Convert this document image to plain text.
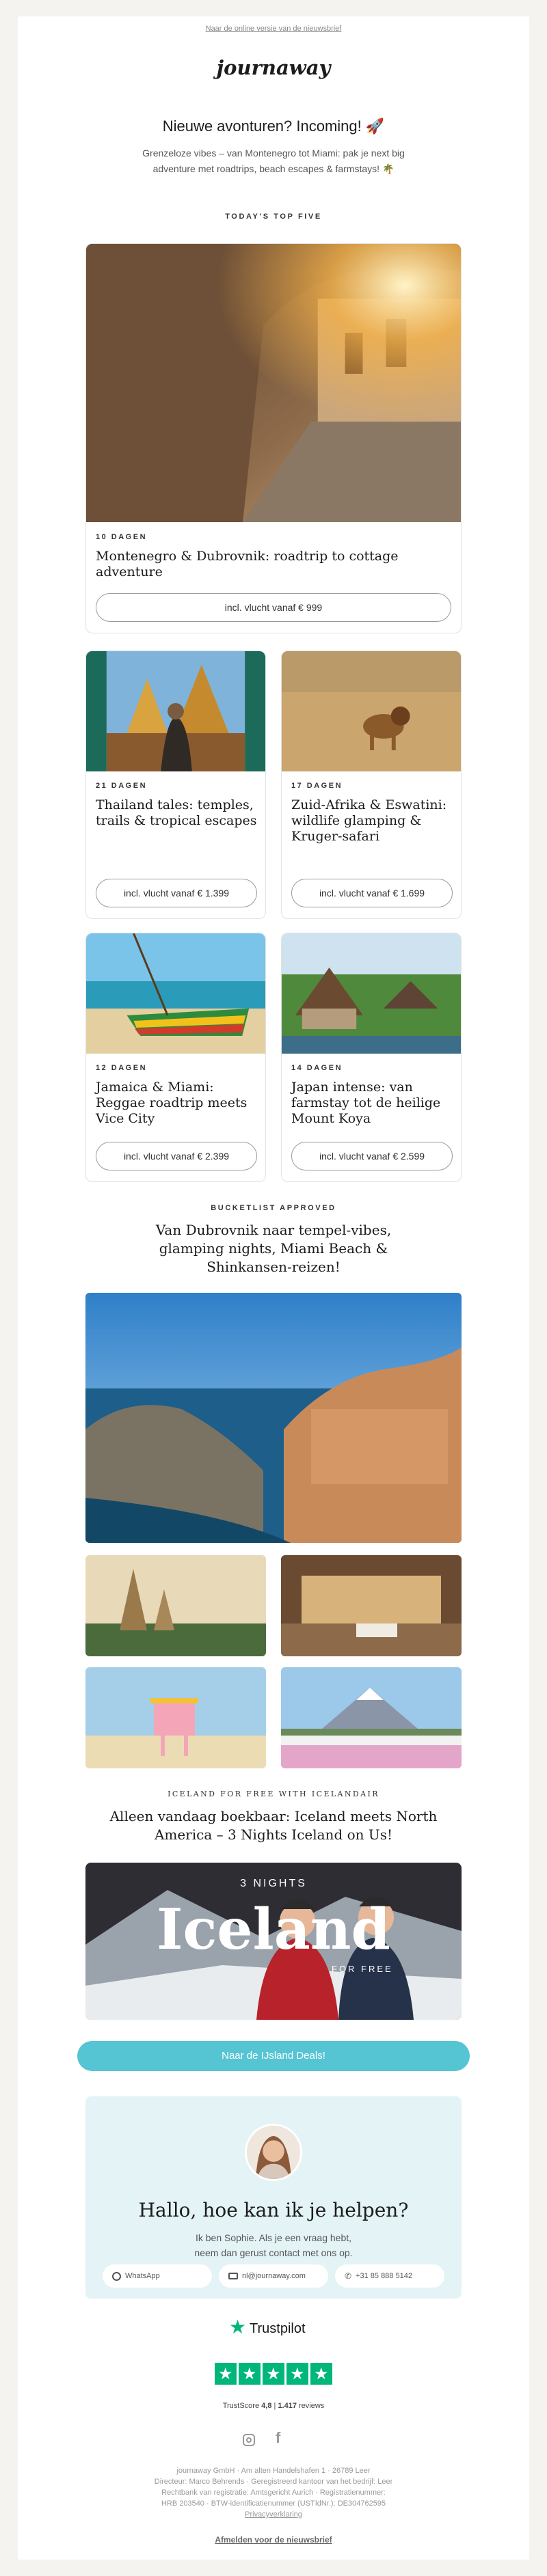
Naar de online versie van de nieuwsbrief
journaway
Nieuwe avonturen? Incoming! 🚀
Grenzeloze vibes – van Montenegro tot Miami: pak je next big adventure met roadtrips, beach escapes & farmstays! 🌴
TODAY'S TOP FIVE
10 DAGEN
Montenegro & Dubrovnik: roadtrip to cottage adventure
incl. vlucht vanaf € 999
21 DAGEN
Thailand tales: temples, trails & tropical escapes
incl. vlucht vanaf € 1.399
17 DAGEN
Zuid-Afrika & Eswatini: wildlife glamping & Kruger-safari
incl. vlucht vanaf € 1.699
12 DAGEN
Jamaica & Miami: Reggae roadtrip meets Vice City
incl. vlucht vanaf € 2.399
14 DAGEN
Japan intense: van farmstay tot de heilige Mount Koya
incl. vlucht vanaf € 2.599
BUCKETLIST APPROVED
Van Dubrovnik naar tempel-vibes, glamping nights, Miami Beach & Shinkansen-reizen!
ICELAND FOR FREE WITH ICELANDAIR
Alleen vandaag boekbaar: Iceland meets North America – 3 Nights Iceland on Us!
3 NIGHTS
Iceland
FOR FREE
Naar de IJsland Deals!
Hallo, hoe kan ik je helpen?
Ik ben Sophie. Als je een vraag hebt, neem dan gerust contact met ons op.
WhatsApp	nl@journaway.com	✆ +31 85 888 5142
★ Trustpilot
★ ★ ★ ★ ★
TrustScore 4,8 | 1.417 reviews
f
journaway GmbH · Am alten Handelshafen 1 · 26789 Leer
Directeur: Marco Behrends · Geregistreerd kantoor van het bedrijf: Leer
Rechtbank van registratie: Amtsgericht Aurich · Registratienummer: HRB 203540 · BTW-identificatienummer (USTIdNr.): DE304762595
Privacyverklaring
Afmelden voor de nieuwsbrief
